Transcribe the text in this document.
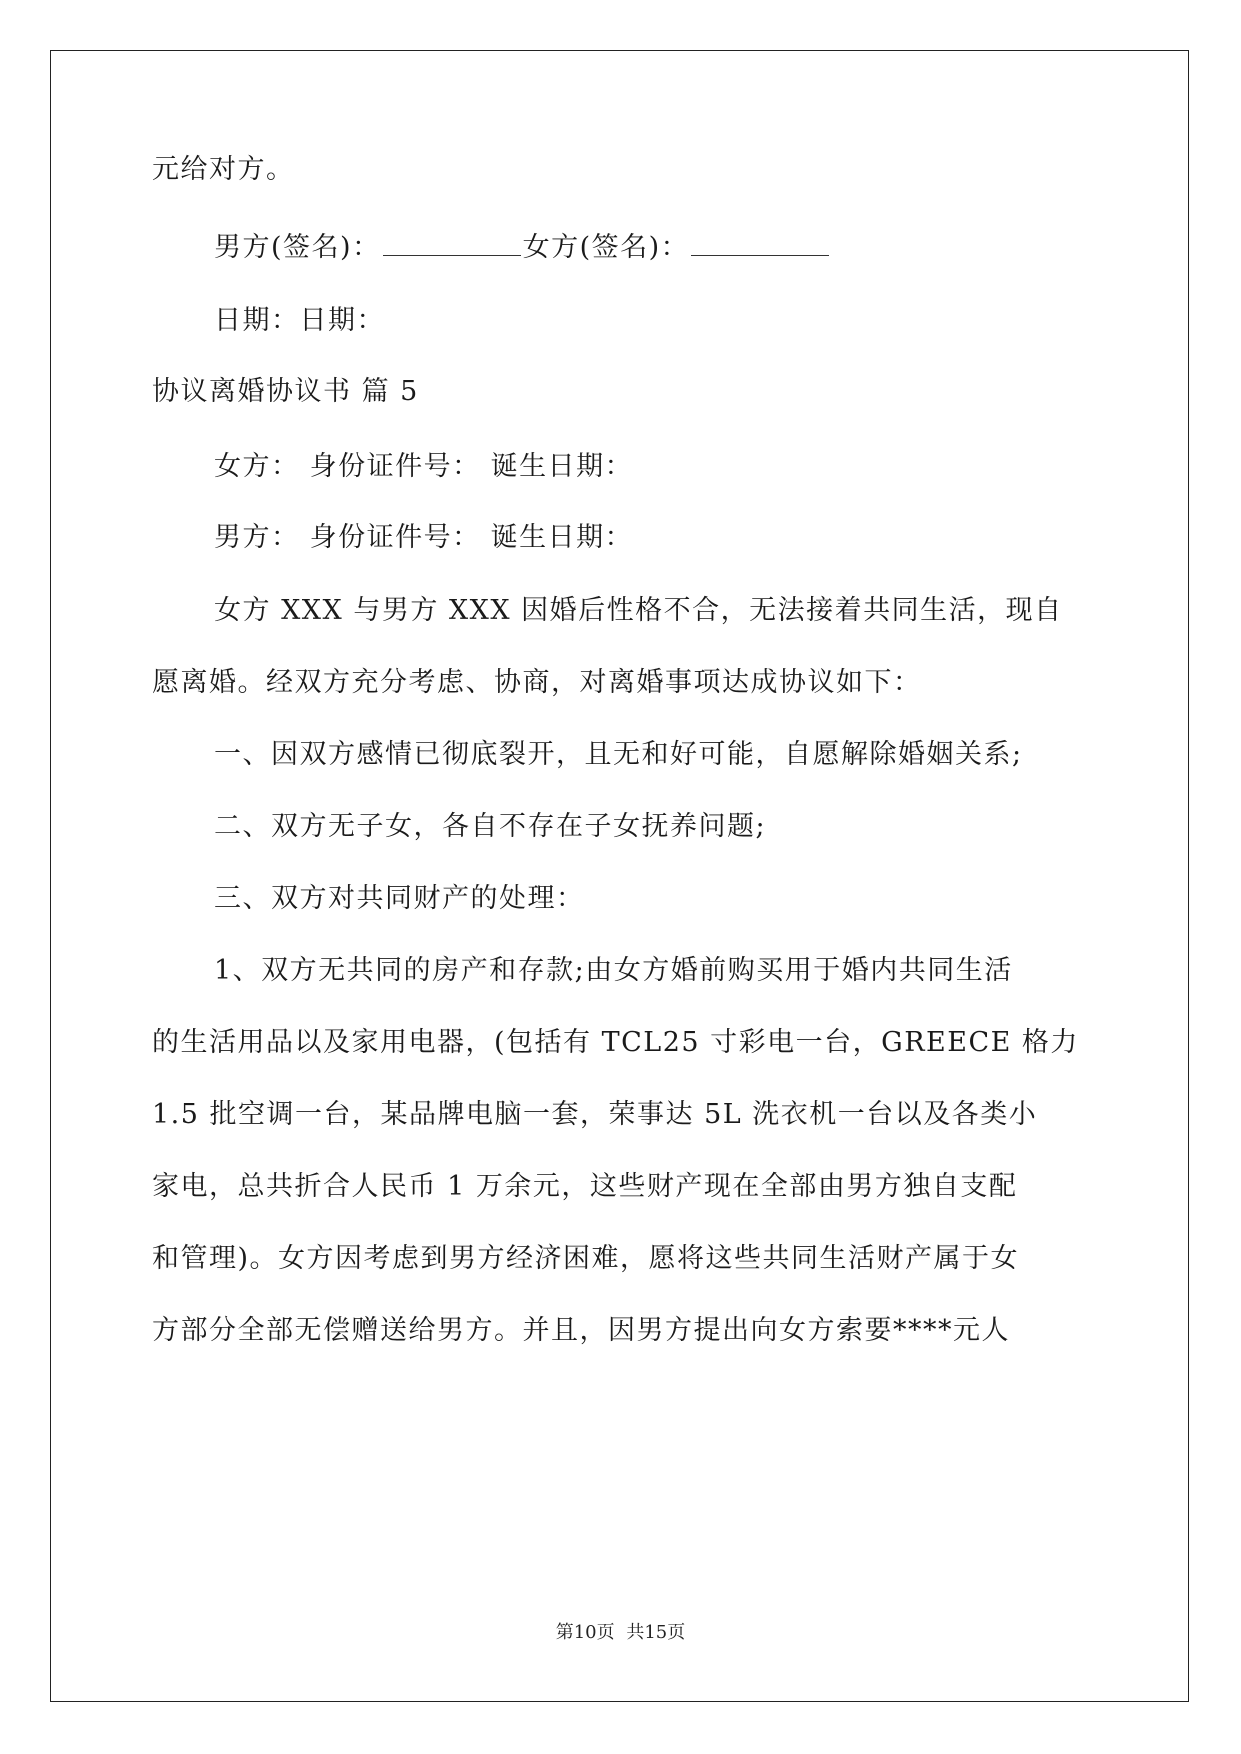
元给对方。
男方(签名)：	女方(签名)：
日期：日期：
协议离婚协议书 篇 5
女方： 身份证件号： 诞生日期：
男方： 身份证件号： 诞生日期：
女方 XXX 与男方 XXX 因婚后性格不合，无法接着共同生活，现自
愿离婚。经双方充分考虑、协商，对离婚事项达成协议如下：
一、因双方感情已彻底裂开，且无和好可能，自愿解除婚姻关系;
二、双方无子女，各自不存在子女抚养问题;
三、双方对共同财产的处理：
1、双方无共同的房产和存款;由女方婚前购买用于婚内共同生活
的生活用品以及家用电器，(包括有 TCL25 寸彩电一台，GREECE 格力
1.5 批空调一台，某品牌电脑一套，荣事达 5L 洗衣机一台以及各类小
家电，总共折合人民币 1 万余元，这些财产现在全部由男方独自支配
和管理)。女方因考虑到男方经济困难，愿将这些共同生活财产属于女
方部分全部无偿赠送给男方。并且，因男方提出向女方索要****元人
第10页 共15页
